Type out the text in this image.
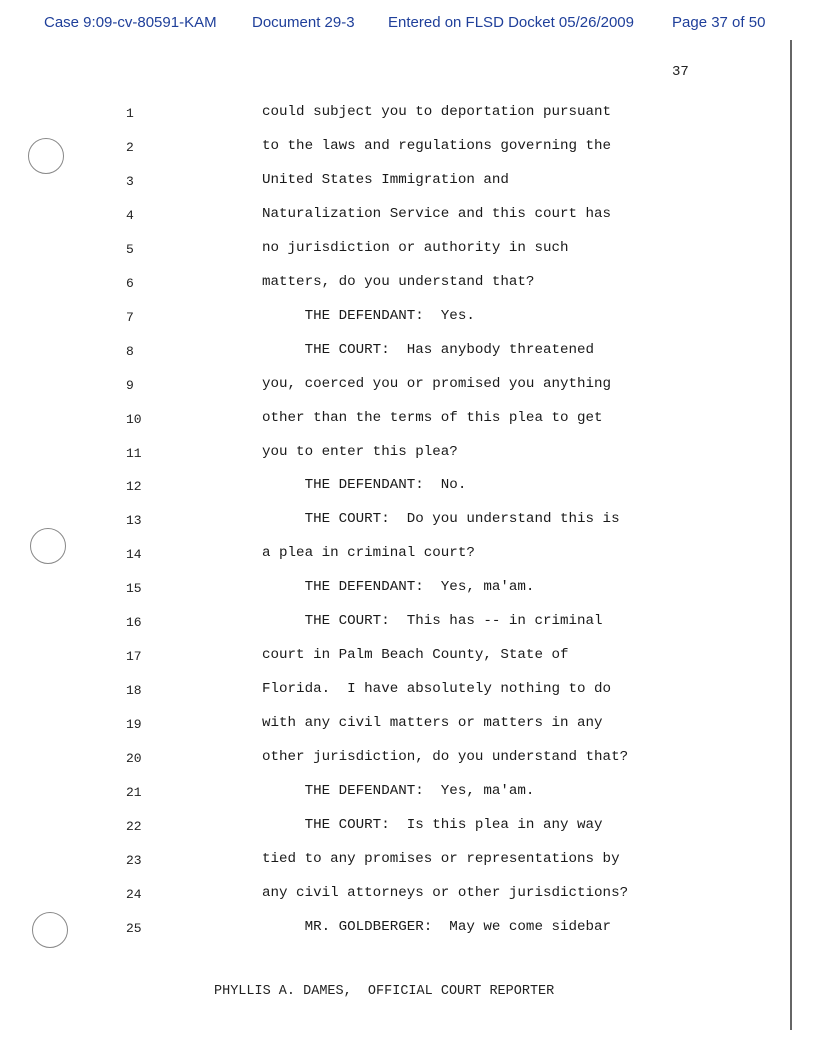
Case 9:09-cv-80591-KAM Document 29-3 Entered on FLSD Docket 05/26/2009	Page 37 of 50
37
1	could subject you to deportation pursuant
2	to the laws and regulations governing the
3	United States Immigration and
4	Naturalization Service and this court has
5	no jurisdiction or authority in such
6	matters, do you understand that?
7	THE DEFENDANT:  Yes.
8	THE COURT:  Has anybody threatened
9	you, coerced you or promised you anything
10	other than the terms of this plea to get
11	you to enter this plea?
12	THE DEFENDANT:  No.
13	THE COURT:  Do you understand this is
14	a plea in criminal court?
15	THE DEFENDANT:  Yes, ma'am.
16	THE COURT:  This has -- in criminal
17	court in Palm Beach County, State of
18	Florida.  I have absolutely nothing to do
19	with any civil matters or matters in any
20	other jurisdiction, do you understand that?
21	THE DEFENDANT:  Yes, ma'am.
22	THE COURT:  Is this plea in any way
23	tied to any promises or representations by
24	any civil attorneys or other jurisdictions?
25	MR. GOLDBERGER:  May we come sidebar
PHYLLIS A. DAMES,  OFFICIAL COURT REPORTER
